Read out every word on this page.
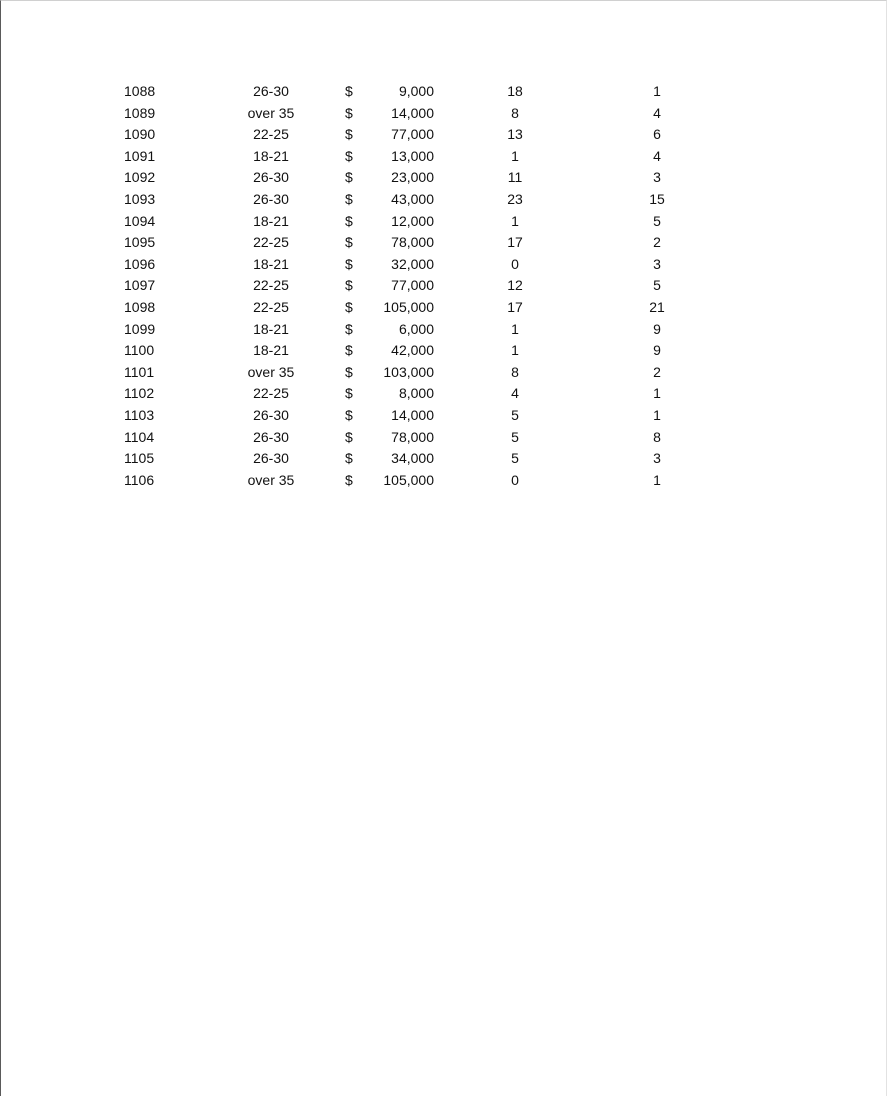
1088	26-30	$	9,000	18	1
1089	over 35	$	14,000	8	4
1090	22-25	$	77,000	13	6
1091	18-21	$	13,000	1	4
1092	26-30	$	23,000	11	3
1093	26-30	$	43,000	23	15
1094	18-21	$	12,000	1	5
1095	22-25	$	78,000	17	2
1096	18-21	$	32,000	0	3
1097	22-25	$	77,000	12	5
1098	22-25	$	105,000	17	21
1099	18-21	$	6,000	1	9
1100	18-21	$	42,000	1	9
1101	over 35	$	103,000	8	2
1102	22-25	$	8,000	4	1
1103	26-30	$	14,000	5	1
1104	26-30	$	78,000	5	8
1105	26-30	$	34,000	5	3
1106	over 35	$	105,000	0	1
